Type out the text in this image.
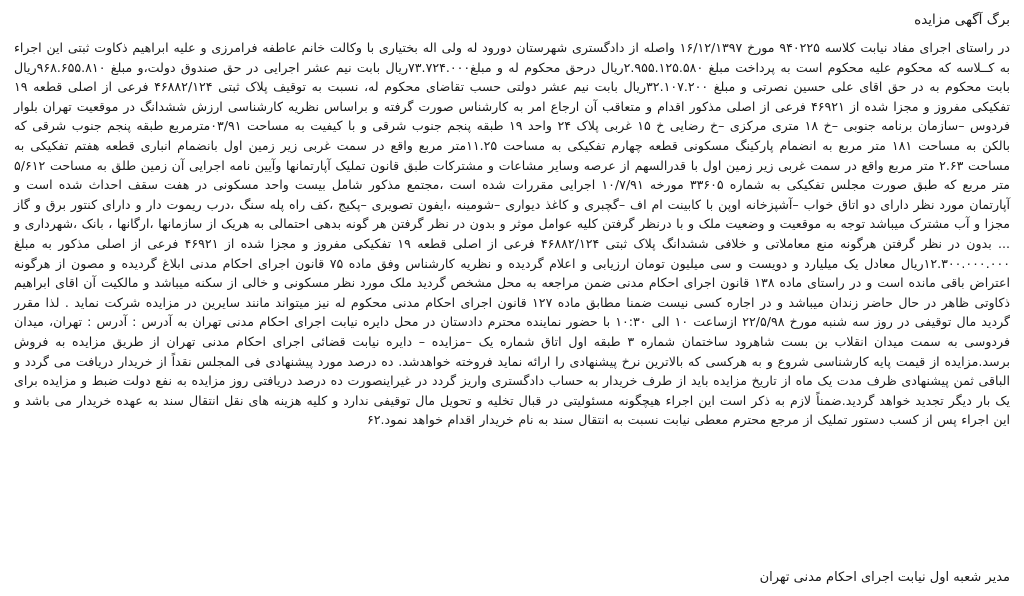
برگ آگهی مزایده

در راستای اجرای مفاد نیابت کلاسه ۹۴۰۲۲۵ مورخ ۱۶/۱۲/۱۳۹۷ واصله از دادگستری شهرستان دورود له ولی اله بختیاری با وکالت خانم عاطفه فرامرزی و علیه ابراهیم ذکاوت ثبتی این اجراء به کــلاسه که محکوم علیه محکوم است به پرداخت مبلغ ۲.۹۵۵.۱۲۵.۵۸۰ریال درحق محکوم له و مبلغ۷۳.۷۲۴.۰۰۰ریال بابت نیم عشر اجرایی در حق صندوق دولت،و مبلغ ۹۶۸.۶۵۵.۸۱۰ریال بابت محکوم به در حق اقای علی حسین نصرتی و مبلغ ۳۲.۱۰۷.۲۰۰ریال بابت نیم عشر دولتی حسب تقاضای محکوم له، نسبت به توقیف پلاک ثبتی ۴۶۸۸۲/۱۲۴ فرعی از اصلی قطعه ۱۹ تفکیکی مفروز و مجزا شده از ۴۶۹۲۱ فرعی از اصلی مذکور اقدام و متعاقب آن ارجاع امر به کارشناس صورت گرفته و براساس نظریه کارشناسی ارزش ششدانگ در موقعیت تهران بلوار فردوس –سازمان برنامه جنوبی –خ ۱۸ متری مرکزی –خ رضایی خ ۱۵ غربی پلاک ۲۴ واحد ۱۹ طبقه پنجم جنوب شرقی و با کیفیت به مساحت ۰۳/۹۱مترمربع طبقه پنجم جنوب شرقی که بالکن به مساحت ۱۸۱ متر مربع به انضمام پارکینگ مسکونی قطعه چهارم تفکیکی به مساحت ۱۱.۲۵متر مربع واقع در سمت غربی زیر زمین اول بانضمام انباری قطعه هفتم تفکیکی به مساحت ۲.۶۳ متر مربع واقع در سمت غربی زیر زمین اول با قدرالسهم از عرصه وسایر مشاعات و مشترکات طبق قانون تملیک آپارتمانها وآیین نامه اجرایی آن زمین طلق به مساحت ۵/۶۱۲ متر مربع که طبق صورت مجلس تفکیکی به شماره ۳۳۶۰۵ مورخه ۱۰/۷/۹۱ اجرایی مقررات شده است ،مجتمع مذکور شامل بیست واحد مسکونی در هفت سقف احداث شده است و آپارتمان مورد نظر دارای دو اتاق خواب –آشپزخانه اوپن با کابینت ام اف –گچبری و کاغذ دیواری –شومینه ،ایفون تصویری –پکیج ،کف راه پله سنگ ،درب ریموت دار و دارای کنتور برق و گاز مجزا و آب مشترک میباشد توجه به موقعیت و وضعیت ملک و با درنظر گرفتن کلیه عوامل موثر و بدون در نظر گرفتن هر گونه بدهی احتمالی به هریک از سازمانها ،ارگانها ، بانک ،شهرداری و ... بدون در نظر گرفتن هرگونه منع معاملاتی و خلافی ششدانگ پلاک ثبتی ۴۶۸۸۲/۱۲۴ فرعی از اصلی قطعه ۱۹ تفکیکی مفروز و مجزا شده از ۴۶۹۲۱ فرعی از اصلی مذکور به مبلغ ۱۲.۳۰۰.۰۰۰.۰۰۰ریال معادل یک میلیارد و دویست و سی میلیون تومان ارزیابی و اعلام گردیده و نظریه کارشناس وفق ماده ۷۵ قانون اجرای احکام مدنی ابلاغ گردیده و مصون از هرگونه اعتراض باقی مانده است و در راستای ماده ۱۳۸ قانون اجرای احکام مدنی ضمن مراجعه به محل مشخص گردید ملک مورد نظر مسکونی و خالی از سکنه میباشد و مالکیت آن اقای ابراهیم ذکاوتی ظاهر در حال حاضر زندان میباشد و در اجاره کسی نیست ضمنا مطابق ماده ۱۲۷ قانون اجرای احکام مدنی محکوم له نیز میتواند مانند سایرین در مزایده شرکت نماید . لذا مقرر گردید مال توقیفی در روز سه شنبه مورخ ۲۲/۵/۹۸ ازساعت ۱۰ الی ۱۰:۳۰ با حضور نماینده محترم دادستان در محل دایره نیابت اجرای احکام مدنی تهران به آدرس : آدرس : تهران، میدان فردوسی به سمت میدان انقلاب بن بست شاهرود ساختمان شماره ۳ طبقه اول اتاق شماره یک –مزایده – دایره نیابت قضائی اجرای احکام مدنی تهران از طریق مزایده به فروش برسد.مزایده از قیمت پایه کارشناسی شروع و به هرکسی که بالاترین نرخ پیشنهادی را ارائه نماید فروخته خواهدشد. ده درصد مورد پیشنهادی فی المجلس نقداً از خریدار دریافت می گردد و الباقی ثمن پیشنهادی ظرف مدت یک ماه از تاریخ مزایده باید از طرف خریدار به حساب دادگستری واریز گردد در غیراینصورت ده درصد دریافتی روز مزایده به نفع دولت ضبط و مزایده برای یک بار دیگر تجدید خواهد گردید.ضمناً لازم به ذکر است این اجراء هیچگونه مسئولیتی در قبال تخلیه و تحویل مال توقیفی ندارد و کلیه هزینه های نقل انتقال سند به عهده خریدار می باشد و این اجراء پس از کسب دستور تملیک از مرجع محترم معطی نیابت نسبت به انتقال سند به نام خریدار اقدام خواهد نمود.۶۲

مدیر شعبه اول نیابت اجرای احکام مدنی تهران
